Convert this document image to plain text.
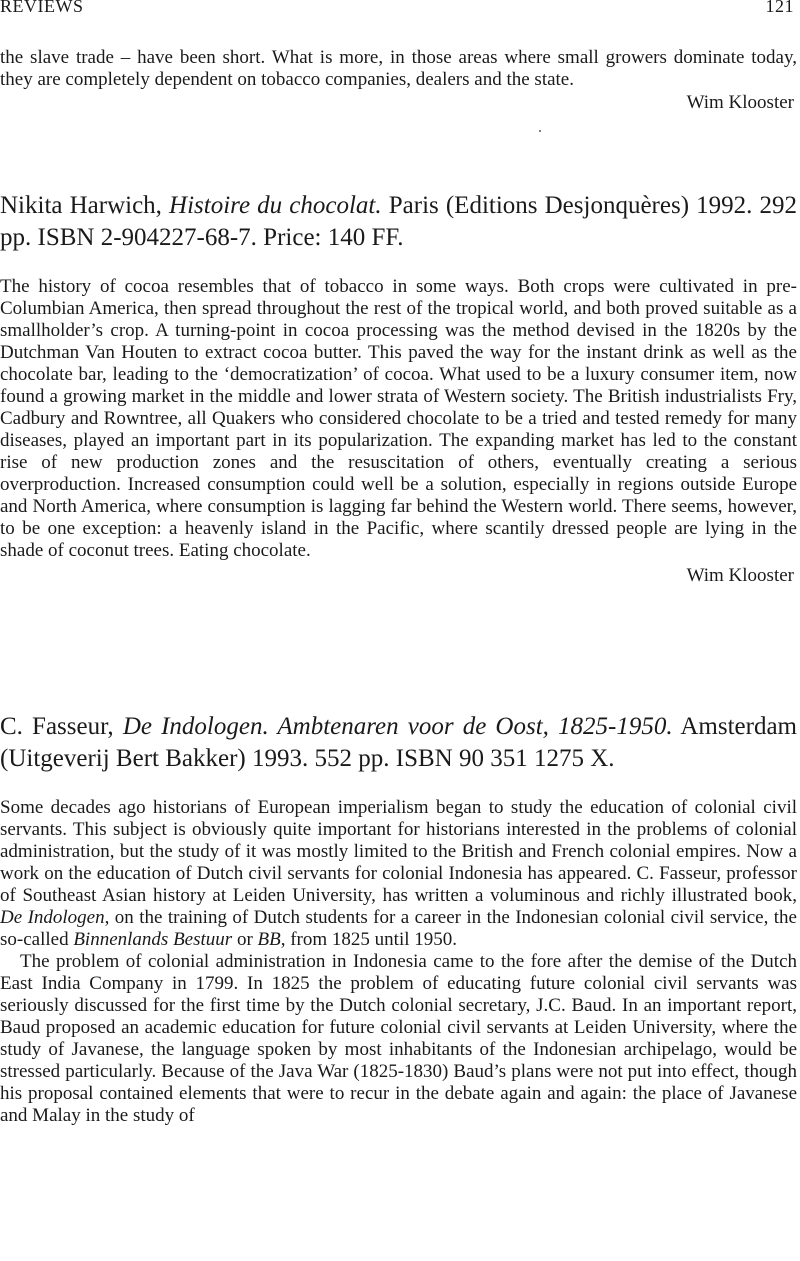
REVIEWS	121

the slave trade – have been short. What is more, in those areas where small growers dominate today, they are completely dependent on tobacco companies, dealers and the state.

Wim Klooster
Nikita Harwich, Histoire du chocolat. Paris (Editions Desjonquères) 1992. 292 pp. ISBN 2-904227-68-7. Price: 140 FF.

The history of cocoa resembles that of tobacco in some ways. Both crops were cultivated in pre-Columbian America, then spread throughout the rest of the tropical world, and both proved suitable as a smallholder’s crop. A turning-point in cocoa processing was the method devised in the 1820s by the Dutchman Van Houten to extract cocoa butter. This paved the way for the instant drink as well as the chocolate bar, leading to the ‘democratization’ of cocoa. What used to be a luxury consumer item, now found a growing market in the middle and lower strata of Western society. The British industrialists Fry, Cadbury and Rowntree, all Quakers who considered chocolate to be a tried and tested remedy for many diseases, played an important part in its popularization. The expanding market has led to the constant rise of new production zones and the resuscitation of others, eventually creating a serious overproduction. Increased consumption could well be a solution, especially in regions outside Europe and North America, where consumption is lagging far behind the Western world. There seems, however, to be one exception: a heavenly island in the Pacific, where scantily dressed people are lying in the shade of coconut trees. Eating chocolate.

Wim Klooster
C. Fasseur, De Indologen. Ambtenaren voor de Oost, 1825-1950. Amsterdam (Uitgeverij Bert Bakker) 1993. 552 pp. ISBN 90 351 1275 X.

Some decades ago historians of European imperialism began to study the education of colonial civil servants. This subject is obviously quite important for historians interested in the problems of colonial administration, but the study of it was mostly limited to the British and French colonial empires. Now a work on the education of Dutch civil servants for colonial Indonesia has appeared. C. Fasseur, professor of Southeast Asian history at Leiden University, has written a voluminous and richly illustrated book, De Indologen, on the training of Dutch students for a career in the Indonesian colonial civil service, the so-called Binnenlands Bestuur or BB, from 1825 until 1950.

The problem of colonial administration in Indonesia came to the fore after the demise of the Dutch East India Company in 1799. In 1825 the problem of educating future colonial civil servants was seriously discussed for the first time by the Dutch colonial secretary, J.C. Baud. In an important report, Baud proposed an academic education for future colonial civil servants at Leiden University, where the study of Javanese, the language spoken by most inhabitants of the Indonesian archipelago, would be stressed particularly. Because of the Java War (1825-1830) Baud’s plans were not put into effect, though his proposal contained elements that were to recur in the debate again and again: the place of Javanese and Malay in the study of
